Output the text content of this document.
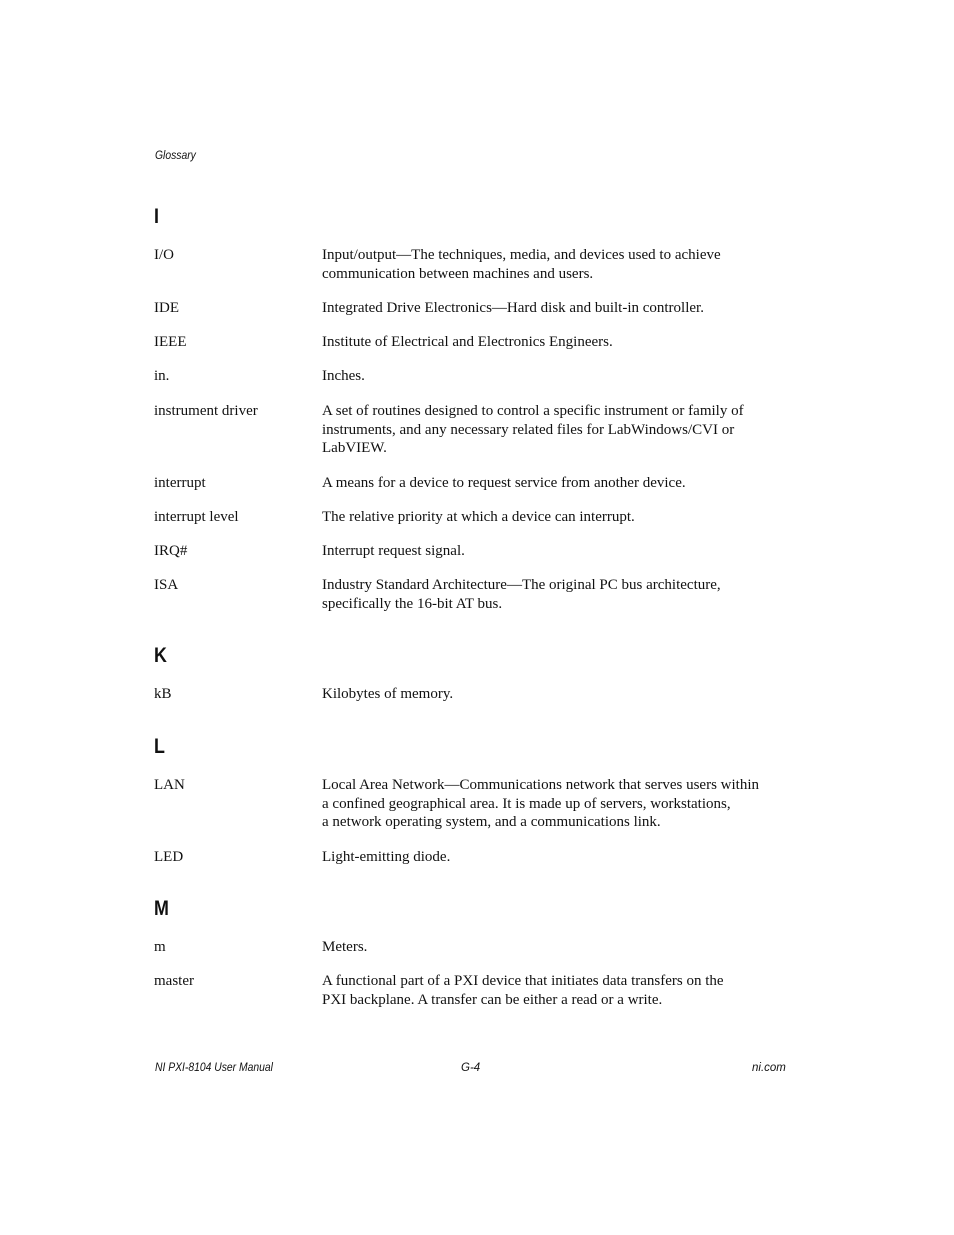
Glossary
I
I/O	Input/output—The techniques, media, and devices used to achieve
communication between machines and users.
IDE	Integrated Drive Electronics—Hard disk and built-in controller.
IEEE	Institute of Electrical and Electronics Engineers.
in.	Inches.
instrument driver	A set of routines designed to control a specific instrument or family of
instruments, and any necessary related files for LabWindows/CVI or
LabVIEW.
interrupt	A means for a device to request service from another device.
interrupt level	The relative priority at which a device can interrupt.
IRQ#	Interrupt request signal.
ISA	Industry Standard Architecture—The original PC bus architecture,
specifically the 16-bit AT bus.
K
kB	Kilobytes of memory.
L
LAN	Local Area Network—Communications network that serves users within
a confined geographical area. It is made up of servers, workstations,
a network operating system, and a communications link.
LED	Light-emitting diode.
M
m	Meters.
master	A functional part of a PXI device that initiates data transfers on the
PXI backplane. A transfer can be either a read or a write.
NI PXI-8104 User Manual	G-4	ni.com
